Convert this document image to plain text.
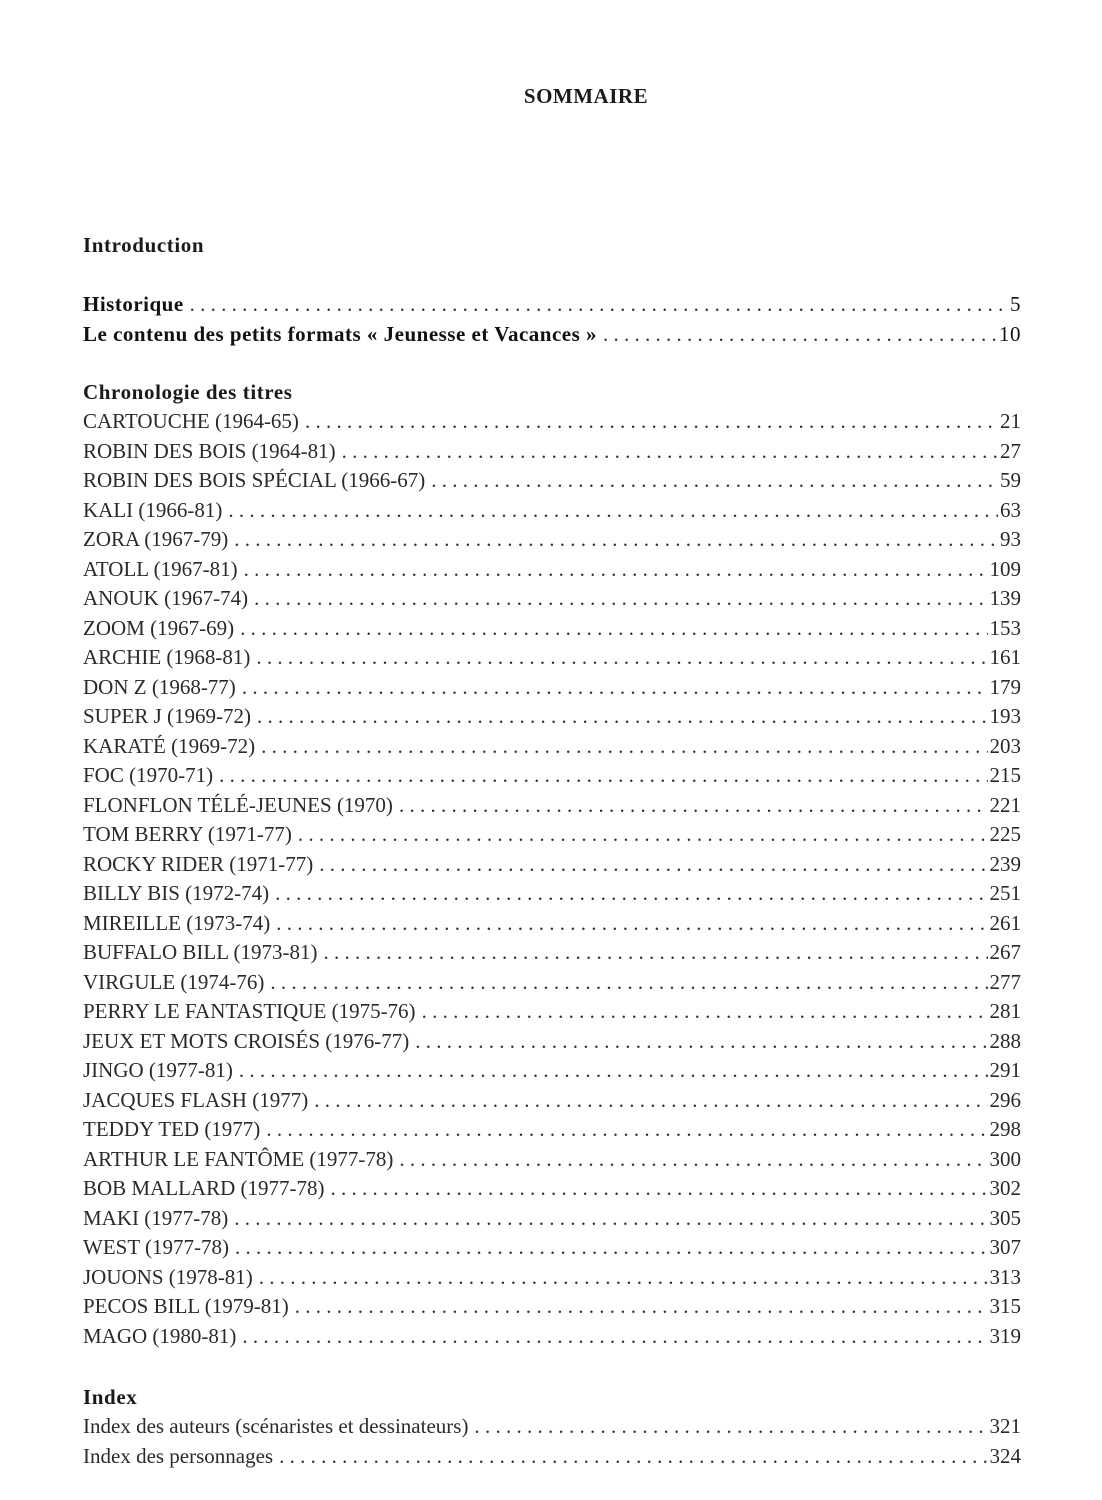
SOMMAIRE
Introduction
Historique . . .	5
Le contenu des petits formats « Jeunesse et Vacances » . . .	10
Chronologie des titres
CARTOUCHE (1964-65) . . .	21
ROBIN DES BOIS (1964-81) . . .	27
ROBIN DES BOIS SPÉCIAL (1966-67) . . .	59
KALI (1966-81) . . .	63
ZORA (1967-79) . . .	93
ATOLL (1967-81) . . .	109
ANOUK (1967-74) . . .	139
ZOOM (1967-69) . . .	153
ARCHIE (1968-81) . . .	161
DON Z (1968-77) . . .	179
SUPER J (1969-72) . . .	193
KARATÉ (1969-72) . . .	203
FOC (1970-71) . . .	215
FLONFLON TÉLÉ-JEUNES (1970) . . .	221
TOM BERRY (1971-77) . . .	225
ROCKY RIDER (1971-77) . . .	239
BILLY BIS (1972-74) . . .	251
MIREILLE (1973-74) . . .	261
BUFFALO BILL (1973-81) . . .	267
VIRGULE (1974-76) . . .	277
PERRY LE FANTASTIQUE (1975-76) . . .	281
JEUX ET MOTS CROISÉS (1976-77) . . .	288
JINGO (1977-81) . . .	291
JACQUES FLASH (1977) . . .	296
TEDDY TED (1977) . . .	298
ARTHUR LE FANTÔME (1977-78) . . .	300
BOB MALLARD (1977-78) . . .	302
MAKI (1977-78) . . .	305
WEST (1977-78) . . .	307
JOUONS (1978-81) . . .	313
PECOS BILL (1979-81) . . .	315
MAGO (1980-81) . . .	319
Index
Index des auteurs (scénaristes et dessinateurs) . . .	321
Index des personnages . . .	324
